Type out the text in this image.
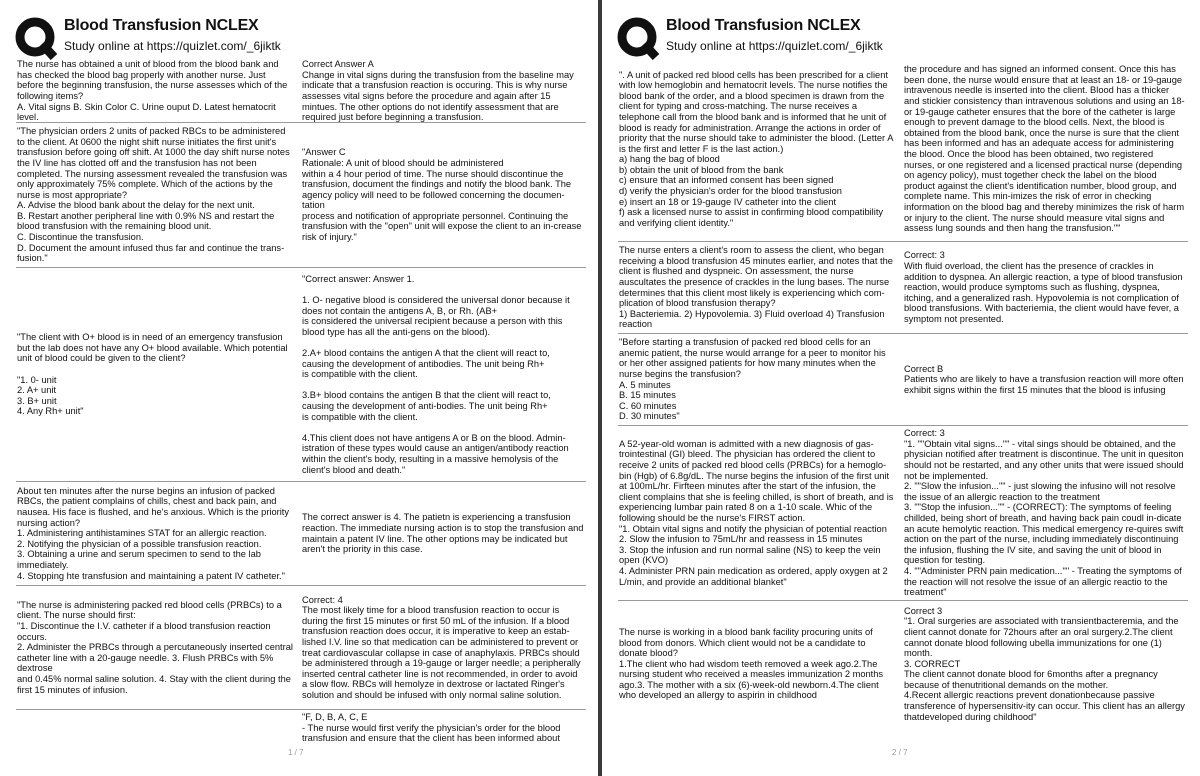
Blood Transfusion NCLEX
Study online at https://quizlet.com/_6jiktk
The nurse has obtained a unit of blood from the blood bank and has checked the blood bag properly with another nurse. Just before the beginning transfusion, the nurse assesses which of the following items?
A. Vital signs B. Skin Color C. Urine ouput D. Latest hematocrit level.
Correct Answer A
Change in vital signs during the transfusion from the baseline may indicate that a transfusion reaction is occuring. This is why nurse assesses vital signs before the procedure and again after 15 mintues. The other options do not identify assessment that are required just before beginning a transfusion.
"The physician orders 2 units of packed RBCs to be administered to the client. At 0600 the night shift nurse initiates the first unit's transfusion before going off shift. At 1000 the day shift nurse notes the IV line has clotted off and the transfusion has not been completed. The nursing assessment revealed the transfusion was only approximately 75% complete. Which of the actions by the nurse is most appropriate?
A. Advise the blood bank about the delay for the next unit.
B. Restart another peripheral line with 0.9% NS and restart the blood transfusion with the remaining blood unit.
C. Discontinue the transfusion.
D. Document the amount infused thus far and continue the trans-fusion."
"Answer C
Rationale: A unit of blood should be administered
within a 4 hour period of time. The nurse should discontinue the transfusion, document the findings and notify the blood bank. The agency policy will need to be followed concerning the documen-tation
process and notification of appropriate personnel. Continuing the transfusion with the "open" unit will expose the client to an in-crease
risk of injury."
"The client with O+ blood is in need of an emergency transfusion but the lab does not have any O+ blood available. Which potential unit of blood could be given to the client?

"1. 0- unit
2. A+ unit
3. B+ unit
4. Any Rh+ unit"
"Correct answer: Answer 1.

1. O- negative blood is considered the universal donor because it does not contain the antigens A, B, or Rh. (AB+
is considered the universal recipient because a person with this blood type has all the anti-gens on the blood).

2.A+ blood contains the antigen A that the client will react to, causing the development of antibodies. The unit being Rh+
is compatible with the client.

3.B+ blood contains the antigen B that the client will react to, causing the development of anti-bodies. The unit being Rh+
is compatible with the client.

4.This client does not have antigens A or B on the blood. Admin-istration of these types would cause an antigen/antibody reaction within the client's body, resulting in a massive hemolysis of the client's blood and death."
About ten minutes after the nurse begins an infusion of packed RBCs, the patient complains of chills, chest and back pain, and nausea. His face is flushed, and he's anxious. Which is the priority nursing action?
1. Administering antihistamines STAT for an allergic reaction.
2. Notifying the physician of a possible transfusion reaction.
3. Obtaining a urine and serum specimen to send to the lab immediately.
4. Stopping hte transfusion and maintaining a patent IV catheter."
The correct answer is 4. The patietn is experiencing a transfusion reaction. The immediate nursing action is to stop the transfusion and maintain a patent IV line. The other options may be indicated but aren't the priority in this case.
"The nurse is administering packed red blood cells (PRBCs) to a client. The nurse should first:
"1. Discontinue the I.V. catheter if a blood transfusion reaction occurs.
2. Administer the PRBCs through a percutaneously inserted central
catheter line with a 20-gauge needle. 3. Flush PRBCs with 5% dextrose
and 0.45% normal saline solution. 4. Stay with the client during the
first 15 minutes of infusion.
Correct: 4
The most likely time for a blood transfusion reaction to occur is during the first 15 minutes or first 50 mL of the infusion. If a blood transfusion reaction does occur, it is imperative to keep an estab-lished I.V. line so that medication can be administered to prevent or treat cardiovascular collapse in case of anaphylaxis. PRBCs should be administered through a 19-gauge or larger needle; a peripherally inserted central catheter line is not recommended, in order to avoid a slow flow. RBCs will hemolyze in dextrose or lactated Ringer's solution and should be infused with only normal saline solution.
"F, D, B, A, C, E
- The nurse would first verify the physician's order for the blood transfusion and ensure that the client has been informed about
1 / 7
Blood Transfusion NCLEX
Study online at https://quizlet.com/_6jiktk
". A unit of packed red blood cells has been prescribed for a client with low hemoglobin and hematocrit levels. The nurse notifies the blood bank of the order, and a blood specimen is drawn from the client for typing and cross-matching. The nurse receives a telephone call from the blood bank and is informed that he unit of blood is ready for administration. Arrange the actions in order of priority that the nurse should take to administer the blood. (Letter A is the first and letter F is the last action.)
a) hang the bag of blood
b) obtain the unit of blood from the bank
c) ensure that an informed consent has been signed
d) verify the physician's order for the blood transfusion
e) insert an 18 or 19-gauge IV catheter into the client
f) ask a licensed nurse to assist in confirming blood compatibility and verifying client identity."
the procedure and has signed an informed consent. Once this has been done, the nurse would ensure that at least an 18- or 19-gauge intravenous needle is inserted into the client. Blood has a thicker and stickier consistency than intravenous solutions and using an 18- or 19-gauge catheter ensures that the bore of the catheter is large enough to prevent damage to the blood cells. Next, the blood is obtained from the blood bank, once the nurse is sure that the client has been informed and has an adequate access for administering the blood. Once the blood has been obtained, two registered nurses, or one registered and a licensed practical nurse (depending on agency policy), must together check the label on the blood product against the client's identification number, blood group, and complete name. This min-imizes the risk of error in checking information on the blood bag and thereby minimizes the risk of harm or injury to the client. The nurse should measure vital signs and assess lung sounds and then hang the transfusion.""
The nurse enters a client's room to assess the client, who began receiving a blood transfusion 45 minutes earlier, and notes that the client is flushed and dyspneic. On assessment, the nurse auscultates the presence of crackles in the lung bases. The nurse determines that this client most likely is experiencing which com-plication of blood transfusion therapy?
1) Bacteriemia. 2) Hypovolemia. 3) Fluid overload 4) Transfusion reaction
Correct: 3
With fluid overload, the client has the presence of crackles in addition to dyspnea. An allergic reaction, a type of blood transfusion reaction, would produce symptoms such as flushing, dyspnea, itching, and a generalized rash. Hypovolemia is not complication of blood transfusions. With bacteriemia, the client would have fever, a symptom not presented.
"Before starting a transfusion of packed red blood cells for an anemic patient, the nurse would arrange for a peer to monitor his or her other assigned patients for how many minutes when the nurse begins the transfusion?
A. 5 minutes
B. 15 minutes
C. 60 minutes
D. 30 minutes"
Correct B
Patients who are likely to have a transfusion reaction will more often exhibit signs within the first 15 minutes that the blood is infusing
A 52-year-old woman is admitted with a new diagnosis of gas-trointestinal (GI) bleed. The physician has ordered the client to receive 2 units of packed red blood cells (PRBCs) for a hemoglo-bin (Hgb) of 6.8g/dL. The nurse begins the infusion of the first unit at 100mL/hr. Firfteen minutes after the start of the infusion, the client complains that she is feeling chilled, is short of breath, and is experiencing lumbar pain rated 8 on a 1-10 scale. Whic of the following should be the nurse's FIRST action.
"1. Obtain vital signs and notify the physician of potential reaction
2. Slow the infusion to 75mL/hr and reassess in 15 minutes
3. Stop the infusion and run normal saline (NS) to keep the vein open (KVO)
4. Administer PRN pain medication as ordered, apply oxygen at 2 L/min, and provide an additional blanket"
Correct: 3
"1. ""Obtain vital signs..."" - vital sings should be obtained, and the physician notified after treatment is discontinue. The unit in quesiton should not be restarted, and any other units that were issued should not be implemented.
2. ""Slow the infusion..."" - just slowing the infusino will not resolve the issue of an allergic reaction to the treatment
3. ""Stop the infusion..."" - (CORRECT): The symptoms of feeling chillded, being short of breath, and having back pain coudl in-dicate an acute hemolytic reaction. This medical emergency re-quires swift action on the part of the nurse, including immediately discontinuing the infusion, flushing the IV site, and saving the unit of blood in question for testing.
4. ""Administer PRN pain medication..."" - Treating the symptoms of the reaction will not resolve the issue of an allergic reactio to the treatment"
The nurse is working in a blood bank facility procuring units of blood from donors. Which client would not be a candidate to donate blood?
1.The client who had wisdom teeth removed a week ago.2.The nursing student who received a measles immunization 2 months ago.3. The mother with a six (6)-week-old newborn.4.The client who developed an allergy to aspirin in childhood
Correct 3
"1. Oral surgeries are associated with transientbacteremia, and the client cannot donate for 72hours after an oral surgery.2.The client cannot donate blood following ubella immunizations for one (1) month.
3. CORRECT
The client cannot donate blood for 6months after a pregnancy because of thenutritional demands on the mother.
4.Recent allergic reactions prevent donationbecause passive transference of hypersensitiv-ity can occur. This client has an allergy thatdeveloped during childhood"
2 / 7
